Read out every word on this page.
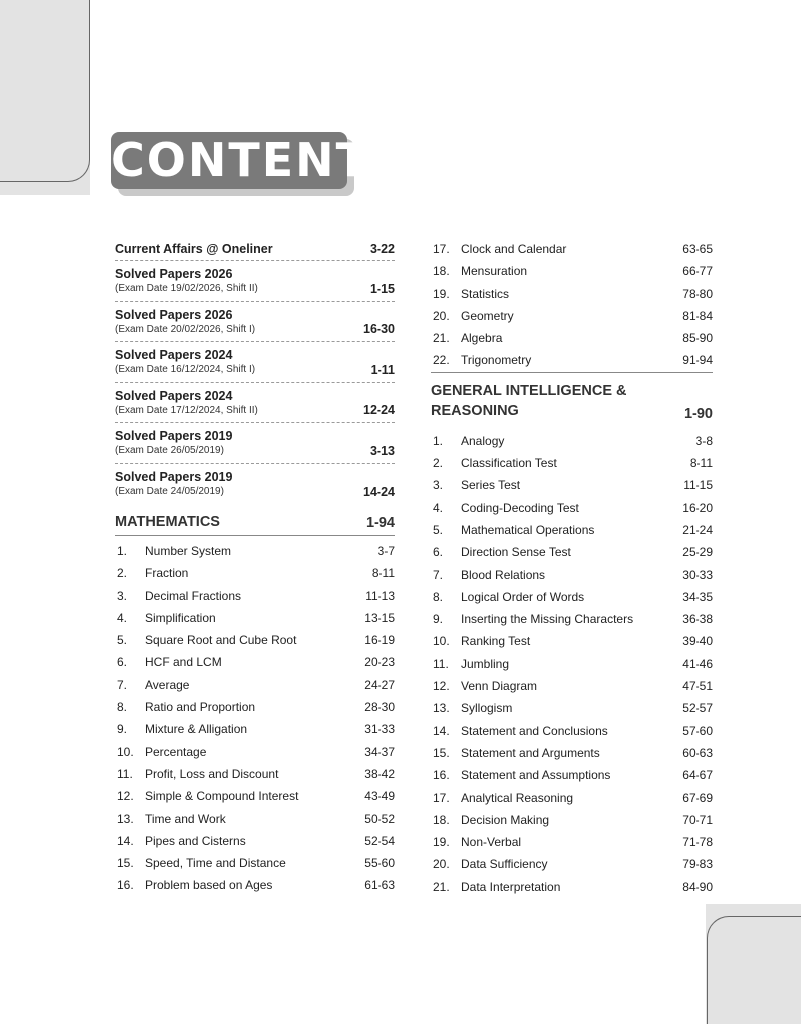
CONTENTS
Current Affairs @ Oneliner	3-22
Solved Papers 2026
(Exam Date 19/02/2026, Shift II)	1-15
Solved Papers 2026
(Exam Date 20/02/2026, Shift I)	16-30
Solved Papers 2024
(Exam Date 16/12/2024, Shift I)	1-11
Solved Papers 2024
(Exam Date 17/12/2024, Shift II)	12-24
Solved Papers 2019
(Exam Date 26/05/2019)	3-13
Solved Papers 2019
(Exam Date 24/05/2019)	14-24
MATHEMATICS	1-94
1. Number System	3-7
2. Fraction	8-11
3. Decimal Fractions	11-13
4. Simplification	13-15
5. Square Root and Cube Root	16-19
6. HCF and LCM	20-23
7. Average	24-27
8. Ratio and Proportion	28-30
9. Mixture & Alligation	31-33
10. Percentage	34-37
11. Profit, Loss and Discount	38-42
12. Simple & Compound Interest	43-49
13. Time and Work	50-52
14. Pipes and Cisterns	52-54
15. Speed, Time and Distance	55-60
16. Problem based on Ages	61-63
17. Clock and Calendar	63-65
18. Mensuration	66-77
19. Statistics	78-80
20. Geometry	81-84
21. Algebra	85-90
22. Trigonometry	91-94
GENERAL INTELLIGENCE &
REASONING	1-90
1. Analogy	3-8
2. Classification Test	8-11
3. Series Test	11-15
4. Coding-Decoding Test	16-20
5. Mathematical Operations	21-24
6. Direction Sense Test	25-29
7. Blood Relations	30-33
8. Logical Order of Words	34-35
9. Inserting the Missing Characters	36-38
10. Ranking Test	39-40
11. Jumbling	41-46
12. Venn Diagram	47-51
13. Syllogism	52-57
14. Statement and Conclusions	57-60
15. Statement and Arguments	60-63
16. Statement and Assumptions	64-67
17. Analytical Reasoning	67-69
18. Decision Making	70-71
19. Non-Verbal	71-78
20. Data Sufficiency	79-83
21. Data Interpretation	84-90
